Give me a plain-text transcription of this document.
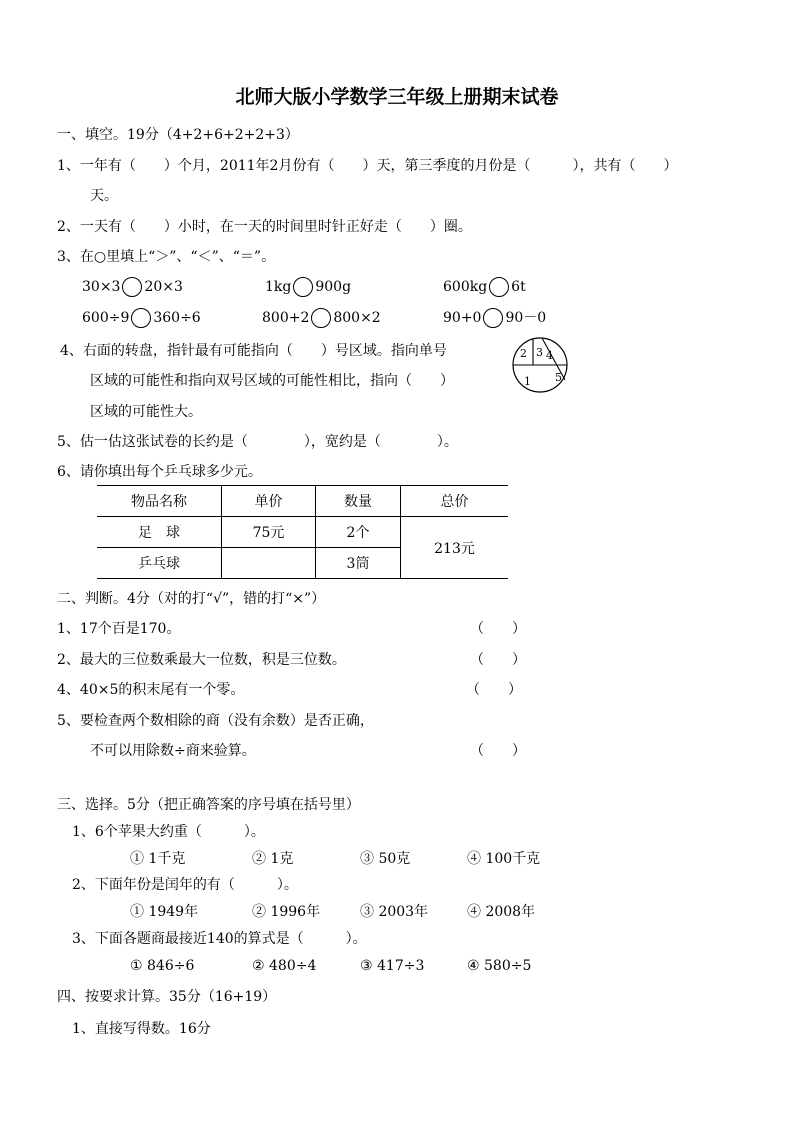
北师大版小学数学三年级上册期末试卷
一、填空。19分（4+2+6+2+2+3）
1、一年有（　　）个月，2011年2月份有（　　）天，第三季度的月份是（　　　），共有（　　）
天。
2、一天有（　　）小时，在一天的时间里时针正好走（　　）圈。
3、在○里填上“＞”、“＜”、“＝”。
30×3 20×3	1kg 900g	600kg 6t
600÷9 360÷6	800+2 800×2	90+0 90－0
4、右面的转盘，指针最有可能指向（　　）号区域。指向单号
区域的可能性和指向双号区域的可能性相比，指向（　　）
区域的可能性大。
2 3 4
1 5
5、估一估这张试卷的长约是（　　　　），宽约是（　　　　）。
6、请你填出每个乒乓球多少元。
物品名称	单价	数量	总价
足　球	75元	2个	213元
乒乓球		3筒	
二、判断。4分（对的打“√”，错的打“×”）
1、17个百是170。	（　　）
2、最大的三位数乘最大一位数，积是三位数。	（　　）
4、40×5的积末尾有一个零。	（　　）
5、要检查两个数相除的商（没有余数）是否正确，
不可以用除数÷商来验算。	（　　）
三、选择。5分（把正确答案的序号填在括号里）
1、6个苹果大约重（　　　）。
① 1千克	② 1克	③ 50克	④ 100千克
2、下面年份是闰年的有（　　　）。
① 1949年	② 1996年	③ 2003年	④ 2008年
3、下面各题商最接近140的算式是（　　　）。
① 846÷6	② 480÷4	③ 417÷3	④ 580÷5
四、按要求计算。35分（16+19）
1、直接写得数。16分
